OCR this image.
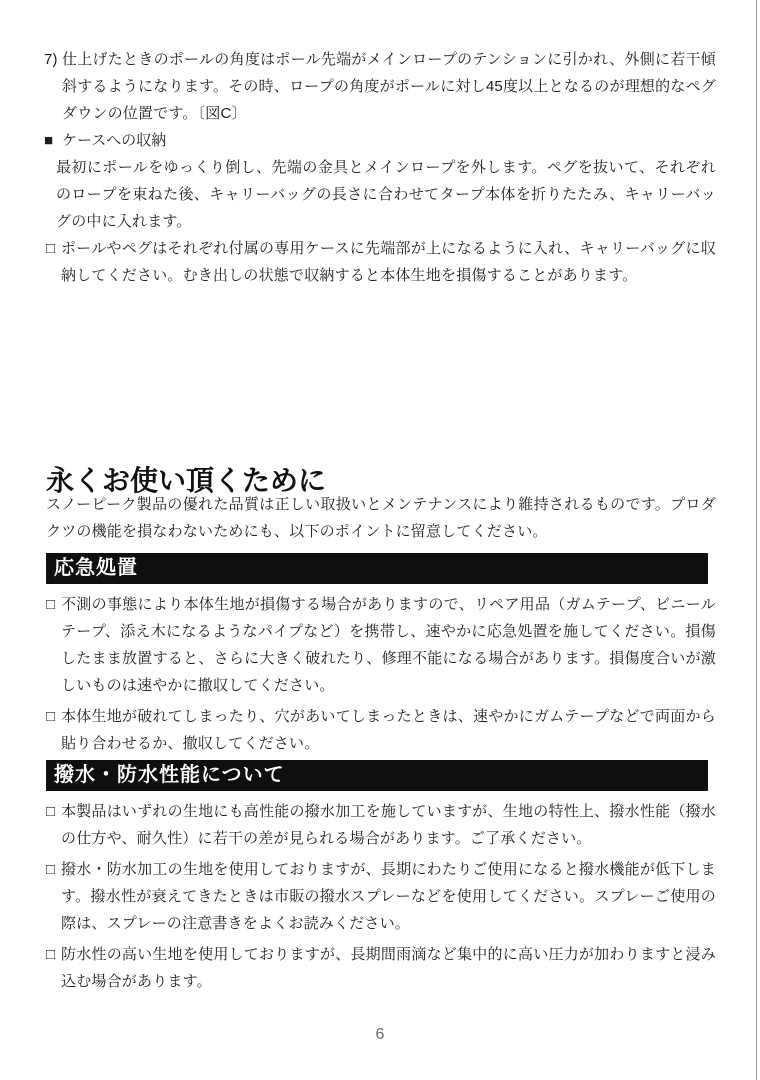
7) 仕上げたときのポールの角度はポール先端がメインロープのテンションに引かれ、外側に若干傾斜するようになります。その時、ロープの角度がポールに対し45度以上となるのが理想的なペグダウンの位置です。〔図C〕
■ ケースへの収納
最初にポールをゆっくり倒し、先端の金具とメインロープを外します。ペグを抜いて、それぞれのロープを束ねた後、キャリーバッグの長さに合わせてタープ本体を折りたたみ、キャリーバッグの中に入れます。
□ ポールやペグはそれぞれ付属の専用ケースに先端部が上になるように入れ、キャリーバッグに収納してください。むき出しの状態で収納すると本体生地を損傷することがあります。
永くお使い頂くために
スノーピーク製品の優れた品質は正しい取扱いとメンテナンスにより維持されるものです。プロダクツの機能を損なわないためにも、以下のポイントに留意してください。
応急処置
□ 不測の事態により本体生地が損傷する場合がありますので、リペア用品（ガムテープ、ビニールテープ、添え木になるようなパイプなど）を携帯し、速やかに応急処置を施してください。損傷したまま放置すると、さらに大きく破れたり、修理不能になる場合があります。損傷度合いが激しいものは速やかに撤収してください。
□ 本体生地が破れてしまったり、穴があいてしまったときは、速やかにガムテープなどで両面から貼り合わせるか、撤収してください。
撥水・防水性能について
□ 本製品はいずれの生地にも高性能の撥水加工を施していますが、生地の特性上、撥水性能（撥水の仕方や、耐久性）に若干の差が見られる場合があります。ご了承ください。
□ 撥水・防水加工の生地を使用しておりますが、長期にわたりご使用になると撥水機能が低下します。撥水性が衰えてきたときは市販の撥水スプレーなどを使用してください。スプレーご使用の際は、スプレーの注意書きをよくお読みください。
□ 防水性の高い生地を使用しておりますが、長期間雨滴など集中的に高い圧力が加わりますと浸み込む場合があります。
6
